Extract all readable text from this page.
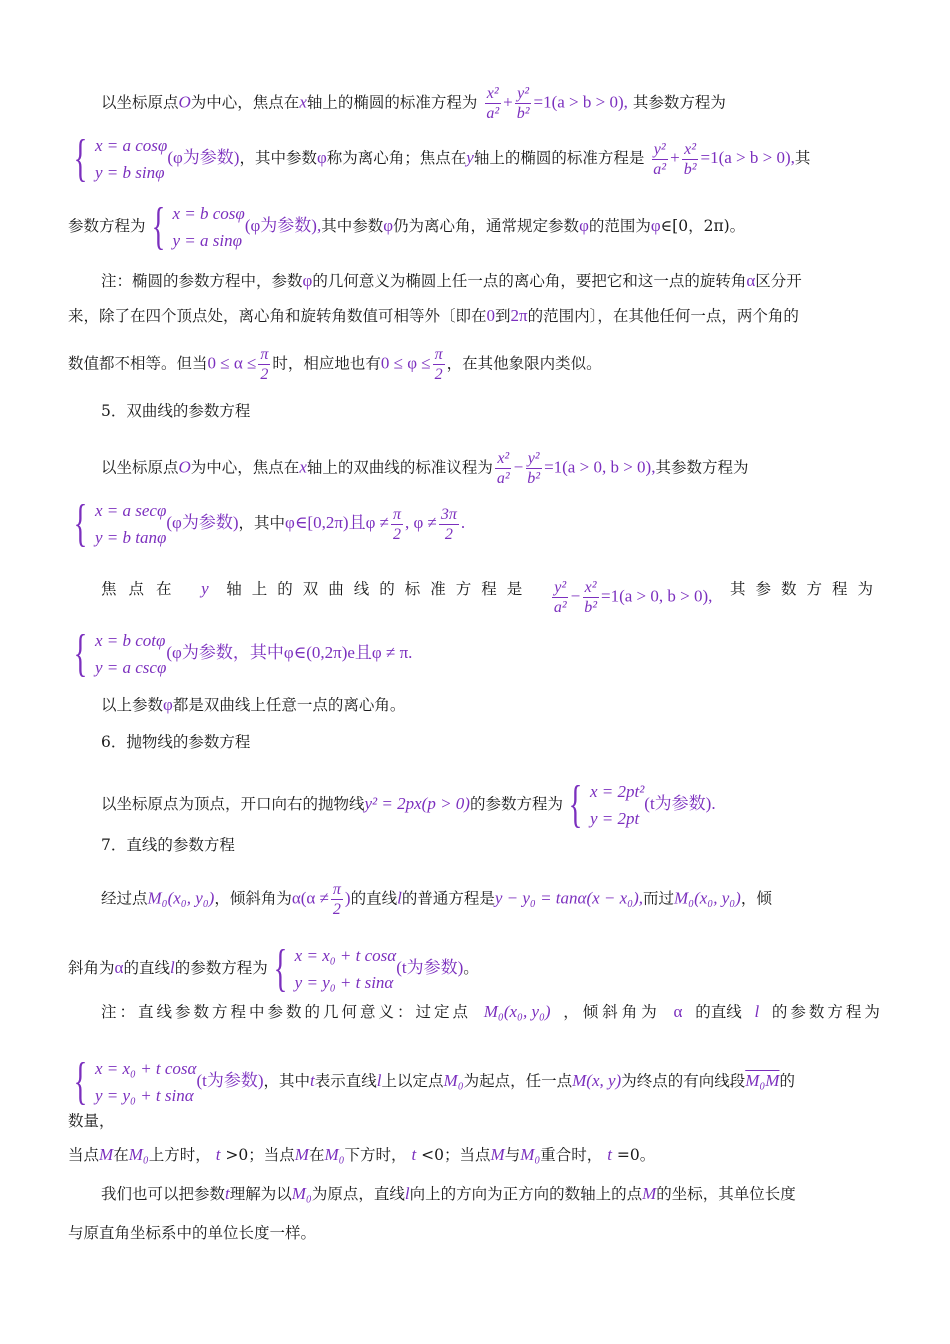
以坐标原点O为中心，焦点在x轴上的椭圆的标准方程为 $\frac{\text{x²}}{\text{a²}} + \frac{\text{y²}}{\text{b²}} =1(a > b > 0)$, 其参数方程为
{ x = a cosφ
y = b sinφ
(φ为参数)，其中参数φ称为离心角；焦点在y轴上的椭圆的标准方程是 $\frac{\text{y²}}{\text{a²}} + \frac{\text{x²}}{\text{b²}} =1(a > b > 0)$,其
参数方程为 { x = b cosφ
y = a sinφ
(φ为参数),其中参数φ仍为离心角，通常规定参数φ的范围为φ∈[0，2π)。
注：椭圆的参数方程中，参数φ的几何意义为椭圆上任一点的离心角，要把它和这一点的旋转角α区分开
来，除了在四个顶点处，离心角和旋转角数值可相等外〔即在0到2π的范围内〕，在其他任何一点，两个角的
数值都不相等。但当$0 \le \alpha \le \frac{\pi}{2}$ 时，相应地也有$0 \le \varphi \le \frac{\pi}{2}$ ，在其他象限内类似。
5．双曲线的参数方程
以坐标原点O为中心，焦点在x轴上的双曲线的标准议程为 $\frac{\text{x²}}{\text{a²}} - \frac{\text{y²}}{\text{b²}} =1(a > 0$, b > 0),其参数方程为
{ x = a secφ
y = b tanφ
(φ为参数)，其中φ∈[0,2π)且$\varphi \ne \frac{\pi}{2}$ , $\varphi \ne \frac{3\pi}{2}$ .
焦点在 y 轴上的双曲线的标准方程是 $\frac{\text{y²}}{\text{a²}} - \frac{\text{x²}}{\text{b²}} =1(a > 0$, b > 0), 其参数方程为
{ x = b cotφ
y = a cscφ
(φ为参数，其中φ∈(0,2π)e且φ ≠ π.
以上参数φ都是双曲线上任意一点的离心角。
6．抛物线的参数方程
以坐标原点为顶点，开口向右的抛物线y² = 2px(p > 0)的参数方程为 { x = 2pt²
y = 2pt
(t为参数).
7．直线的参数方程
经过点M₀(x₀, y₀)，倾斜角为$\alpha(\alpha \ne \frac{\pi}{2}$ )的直线l的普通方程是y − y₀ = tanα(x − x₀),而过M₀(x₀, y₀)，倾
斜角为α的直线l的参数方程为 { x = x₀ + t cosα
y = y₀ + t sinα
(t为参数)。
注：直线参数方程中参数的几何意义：过定点 M₀(x₀, y₀) ，倾斜角为 α 的直线 l 的参数方程为
{ x = x₀ + t cosα
y = y₀ + t sinα
(t为参数)，其中t表示直线l上以定点M₀为起点，任一点M(x, y)为终点的有向线段M₀M的
数量，
当点M在M₀上方时， t >0；当点M在M₀下方时， t <0；当点M与M₀重合时， t =0。
我们也可以把参数t理解为以M₀为原点，直线l向上的方向为正方向的数轴上的点M的坐标，其单位长度
与原直角坐标系中的单位长度一样。
